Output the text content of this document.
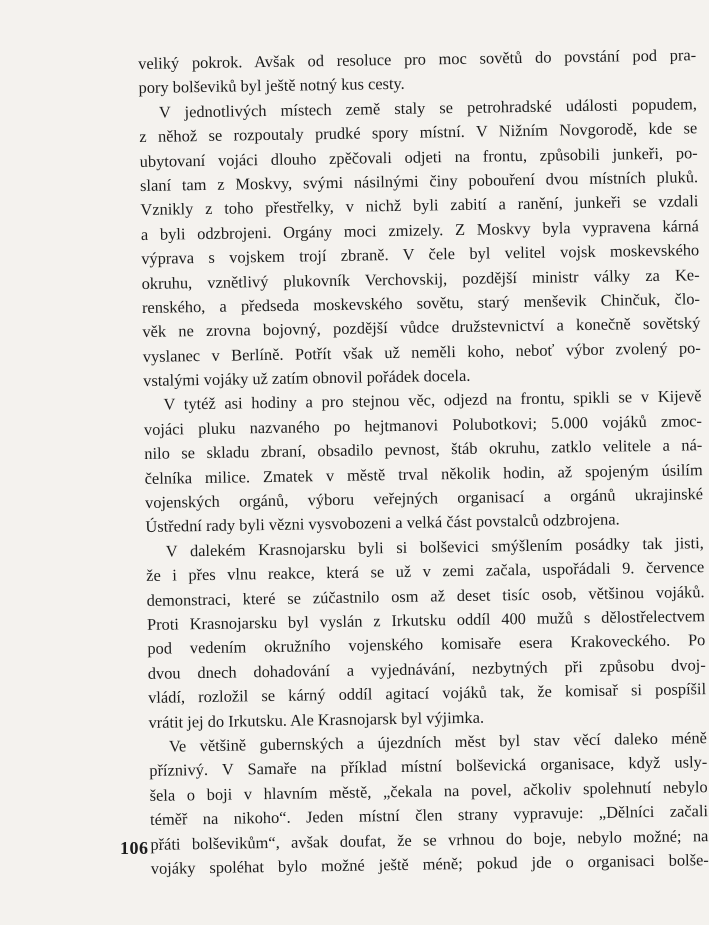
veliký pokrok. Avšak od resoluce pro moc sovětů do povstání pod pra-
pory bolševiků byl ještě notný kus cesty.
V jednotlivých místech země staly se petrohradské události popudem,
z něhož se rozpoutaly prudké spory místní. V Nižním Novgorodě, kde se
ubytovaní vojáci dlouho zpěčovali odjeti na frontu, způsobili junkeři, po-
slaní tam z Moskvy, svými násilnými činy pobouření dvou místních pluků.
Vznikly z toho přestřelky, v nichž byli zabití a ranění, junkeři se vzdali
a byli odzbrojeni. Orgány moci zmizely. Z Moskvy byla vypravena kárná
výprava s vojskem trojí zbraně. V čele byl velitel vojsk moskevského
okruhu, vznětlivý plukovník Verchovskij, pozdější ministr války za Ke-
renského, a předseda moskevského sovětu, starý menševik Chinčuk, člo-
věk ne zrovna bojovný, pozdější vůdce družstevnictví a konečně sovětský
vyslanec v Berlíně. Potřít však už neměli koho, neboť výbor zvolený po-
vstalými vojáky už zatím obnovil pořádek docela.
V tytéž asi hodiny a pro stejnou věc, odjezd na frontu, spikli se v Kijevě
vojáci pluku nazvaného po hejtmanovi Polubotkovi; 5.000 vojáků zmoc-
nilo se skladu zbraní, obsadilo pevnost, štáb okruhu, zatklo velitele a ná-
čelníka milice. Zmatek v městě trval několik hodin, až spojeným úsilím
vojenských orgánů, výboru veřejných organisací a orgánů ukrajinské
Ústřední rady byli vězni vysvobozeni a velká část povstalců odzbrojena.
V dalekém Krasnojarsku byli si bolševici smýšlením posádky tak jisti,
že i přes vlnu reakce, která se už v zemi začala, uspořádali 9. července
demonstraci, které se zúčastnilo osm až deset tisíc osob, většinou vojáků.
Proti Krasnojarsku byl vyslán z Irkutsku oddíl 400 mužů s dělostřelectvem
pod vedením okružního vojenského komisaře esera Krakoveckého. Po
dvou dnech dohadování a vyjednávání, nezbytných při způsobu dvoj-
vládí, rozložil se kárný oddíl agitací vojáků tak, že komisař si pospíšil
vrátit jej do Irkutsku. Ale Krasnojarsk byl výjimka.
Ve většině gubernských a újezdních měst byl stav věcí daleko méně
příznivý. V Samaře na příklad místní bolševická organisace, když usly-
šela o boji v hlavním městě, „čekala na povel, ačkoliv spolehnutí nebylo
téměř na nikoho“. Jeden místní člen strany vypravuje: „Dělníci začali
přáti bolševikům“, avšak doufat, že se vrhnou do boje, nebylo možné; na
vojáky spoléhat bylo možné ještě méně; pokud jde o organisaci bolše-
106
